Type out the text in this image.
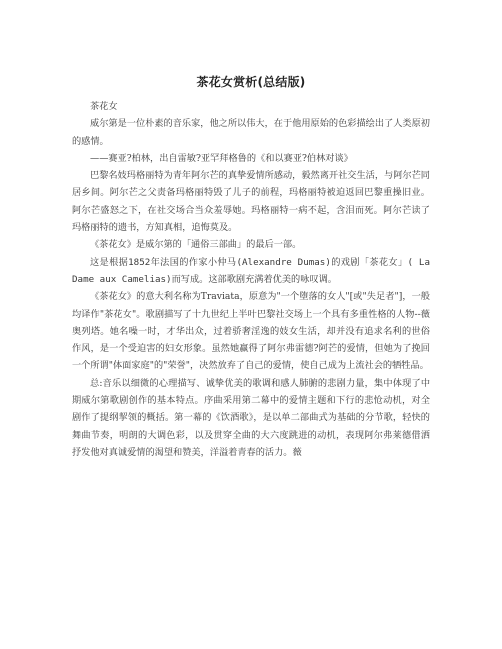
茶花女赏析(总结版)

茶花女

威尔第是一位朴素的音乐家，他之所以伟大，在于他用原始的色彩描绘出了人类原初的感情。

——赛亚?柏林，出自雷敏?亚罕拜格鲁的《和以赛亚?伯林对谈》

巴黎名妓玛格丽特为青年阿尔芒的真挚爱情所感动，毅然离开社交生活，与阿尔芒同居乡间。阿尔芒之父责备玛格丽特毁了儿子的前程，玛格丽特被迫返回巴黎重操旧业。阿尔芒盛怒之下，在社交场合当众羞辱她。玛格丽特一病不起，含泪而死。阿尔芒读了玛格丽特的遗书，方知真相，追悔莫及。

《茶花女》是威尔第的「通俗三部曲」的最后一部。

这是根据1852年法国的作家小仲马(Alexandre Dumas)的戏剧「茶花女」( La Dame aux Camelias)而写成。这部歌剧充满着优美的咏叹调。

《茶花女》的意大利名称为Traviata，原意为"一个堕落的女人"[或"失足者"]，一般均译作"茶花女"。歌剧描写了十九世纪上半叶巴黎社交场上一个具有多重性格的人物--薇奥列塔。她名噪一时，才华出众，过着骄奢淫逸的妓女生活，却并没有追求名利的世俗作风，是一个受迫害的妇女形象。虽然她赢得了阿尔弗雷德?阿芒的爱情，但她为了挽回一个所谓"体面家庭"的"荣誉"，决然放弃了自己的爱情，使自己成为上流社会的牺牲品。

总:音乐以细微的心理描写、诚挚优美的歌调和感人肺腑的悲剧力量，集中体现了中期威尔第歌剧创作的基本特点。序曲采用第二幕中的爱情主题和下行的悲怆动机，对全剧作了提纲挈领的概括。第一幕的《饮酒歌》，是以单二部曲式为基础的分节歌，轻快的舞曲节奏，明朗的大调色彩，以及贯穿全曲的大六度跳进的动机，表现阿尔弗莱德借洒抒发他对真诚爱情的渴望和赞美，洋溢着青春的活力。薇
